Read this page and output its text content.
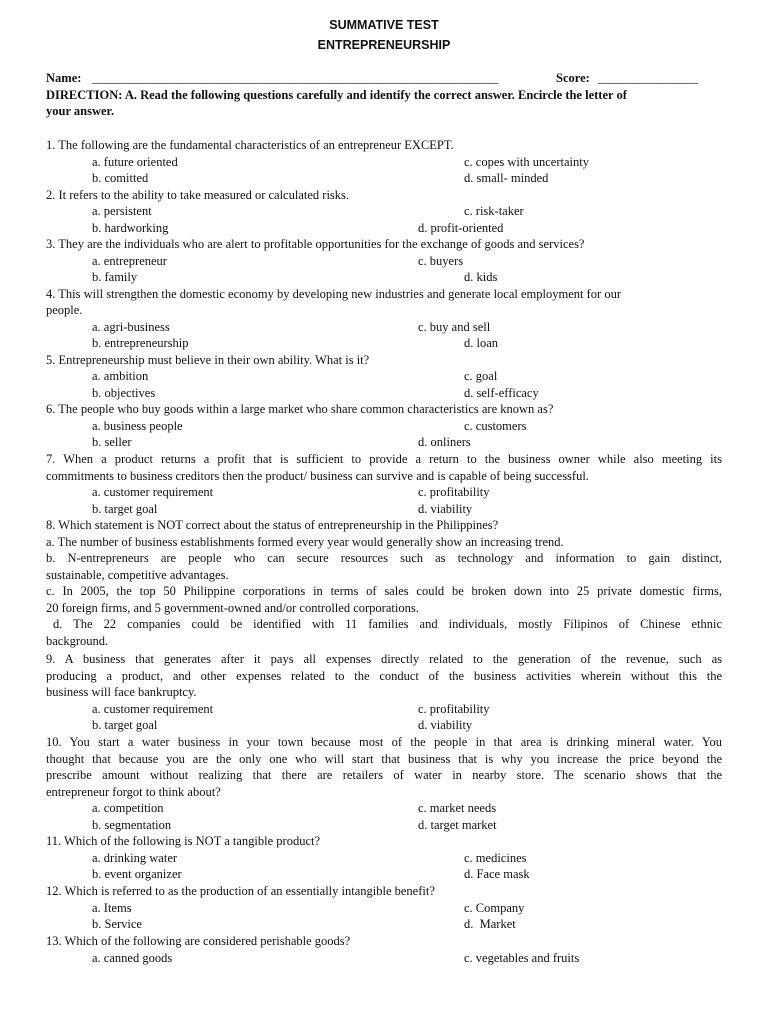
SUMMATIVE TEST
ENTREPRENEURSHIP
Name: _________________________________________________________________	Score: ________________
DIRECTION: A. Read the following questions carefully and identify the correct answer. Encircle the letter of
your answer.
1. The following are the fundamental characteristics of an entrepreneur EXCEPT.
a. future oriented	c. copes with uncertainty
b. comitted	d. small- minded
2. It refers to the ability to take measured or calculated risks.
a. persistent	c. risk-taker
b. hardworking	d. profit-oriented
3. They are the individuals who are alert to profitable opportunities for the exchange of goods and services?
a. entrepreneur	c. buyers
b. family	d. kids
4. This will strengthen the domestic economy by developing new industries and generate local employment for our
people.
a. agri-business	c. buy and sell
b. entrepreneurship	d. loan
5. Entrepreneurship must believe in their own ability. What is it?
a. ambition	c. goal
b. objectives	d. self-efficacy
6. The people who buy goods within a large market who share common characteristics are known as?
a. business people	c. customers
b. seller	d. onliners
7. When a product returns a profit that is sufficient to provide a return to the business owner while also meeting its
commitments to business creditors then the product/ business can survive and is capable of being successful.
a. customer requirement	c. profitability
b. target goal	d. viability
8. Which statement is NOT correct about the status of entrepreneurship in the Philippines?
a. The number of business establishments formed every year would generally show an increasing trend.
b. N-entrepreneurs are people who can secure resources such as technology and information to gain distinct,
sustainable, competitive advantages.
c. In 2005, the top 50 Philippine corporations in terms of sales could be broken down into 25 private domestic firms,
20 foreign firms, and 5 government-owned and/or controlled corporations.
d. The 22 companies could be identified with 11 families and individuals, mostly Filipinos of Chinese ethnic
background.
9. A business that generates after it pays all expenses directly related to the generation of the revenue, such as
producing a product, and other expenses related to the conduct of the business activities wherein without this the
business will face bankruptcy.
a. customer requirement	c. profitability
b. target goal	d. viability
10. You start a water business in your town because most of the people in that area is drinking mineral water. You
thought that because you are the only one who will start that business that is why you increase the price beyond the
prescribe amount without realizing that there are retailers of water in nearby store. The scenario shows that the
entrepreneur forgot to think about?
a. competition	c. market needs
b. segmentation	d. target market
11. Which of the following is NOT a tangible product?
a. drinking water	c. medicines
b. event organizer	d. Face mask
12. Which is referred to as the production of an essentially intangible benefit?
a. Items	c. Company
b. Service	d.  Market
13. Which of the following are considered perishable goods?
a. canned goods	c. vegetables and fruits
